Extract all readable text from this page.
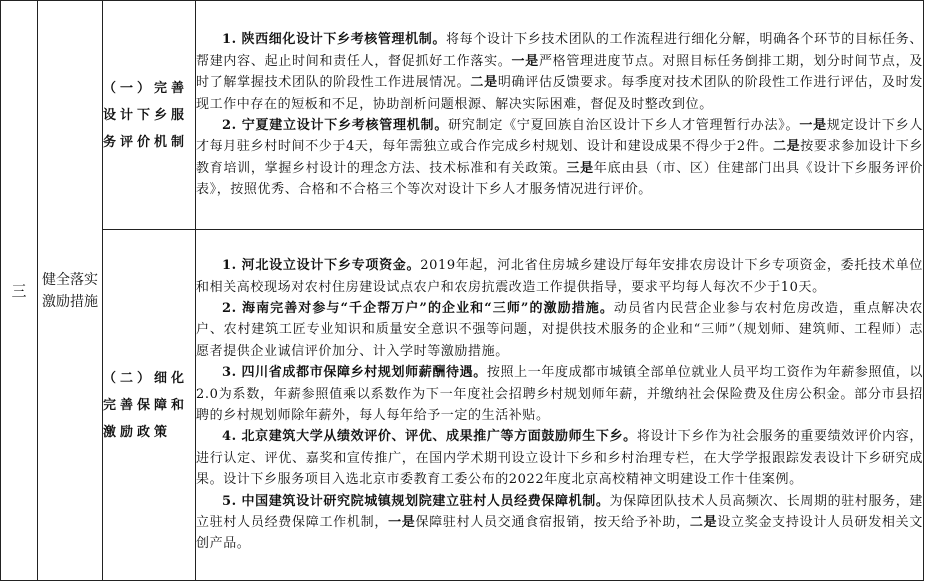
三	健全落实激励措施	（一）完善设计下乡服务评价机制	1. 陕西细化设计下乡考核管理机制。将每个设计下乡技术团队的工作流程进行细化分解，明确各个环节的目标任务、帮建内容、起止时间和责任人，督促抓好工作落实。一是严格管理进度节点。对照目标任务倒排工期，划分时间节点，及时了解掌握技术团队的阶段性工作进展情况。二是明确评估反馈要求。每季度对技术团队的阶段性工作进行评估，及时发现工作中存在的短板和不足，协助剖析问题根源、解决实际困难，督促及时整改到位。

2. 宁夏建立设计下乡考核管理机制。研究制定《宁夏回族自治区设计下乡人才管理暂行办法》。一是规定设计下乡人才每月驻乡村时间不少于4天，每年需独立或合作完成乡村规划、设计和建设成果不得少于2件。二是按要求参加设计下乡教育培训，掌握乡村设计的理念方法、技术标准和有关政策。三是年底由县（市、区）住建部门出具《设计下乡服务评价表》，按照优秀、合格和不合格三个等次对设计下乡人才服务情况进行评价。

		（二）细化完善保障和激励政策	1. 河北设立设计下乡专项资金。2019年起，河北省住房城乡建设厅每年安排农房设计下乡专项资金，委托技术单位和相关高校现场对农村住房建设试点农户和农房抗震改造工作提供指导，要求平均每人每次不少于10天。

2. 海南完善对参与“千企帮万户”的企业和“三师”的激励措施。动员省内民营企业参与农村危房改造，重点解决农户、农村建筑工匠专业知识和质量安全意识不强等问题，对提供技术服务的企业和“三师”（规划师、建筑师、工程师）志愿者提供企业诚信评价加分、计入学时等激励措施。

3. 四川省成都市保障乡村规划师薪酬待遇。按照上一年度成都市城镇全部单位就业人员平均工资作为年薪参照值，以2.0为系数，年薪参照值乘以系数作为下一年度社会招聘乡村规划师年薪，并缴纳社会保险费及住房公积金。部分市县招聘的乡村规划师除年薪外，每人每年给予一定的生活补贴。

4. 北京建筑大学从绩效评价、评优、成果推广等方面鼓励师生下乡。将设计下乡作为社会服务的重要绩效评价内容，进行认定、评优、嘉奖和宣传推广，在国内学术期刊设立设计下乡和乡村治理专栏，在大学学报跟踪发表设计下乡研究成果。设计下乡服务项目入选北京市委教育工委公布的2022年度北京高校精神文明建设工作十佳案例。

5. 中国建筑设计研究院城镇规划院建立驻村人员经费保障机制。为保障团队技术人员高频次、长周期的驻村服务，建立驻村人员经费保障工作机制，一是保障驻村人员交通食宿报销，按天给予补助，二是设立奖金支持设计人员研发相关文创产品。
